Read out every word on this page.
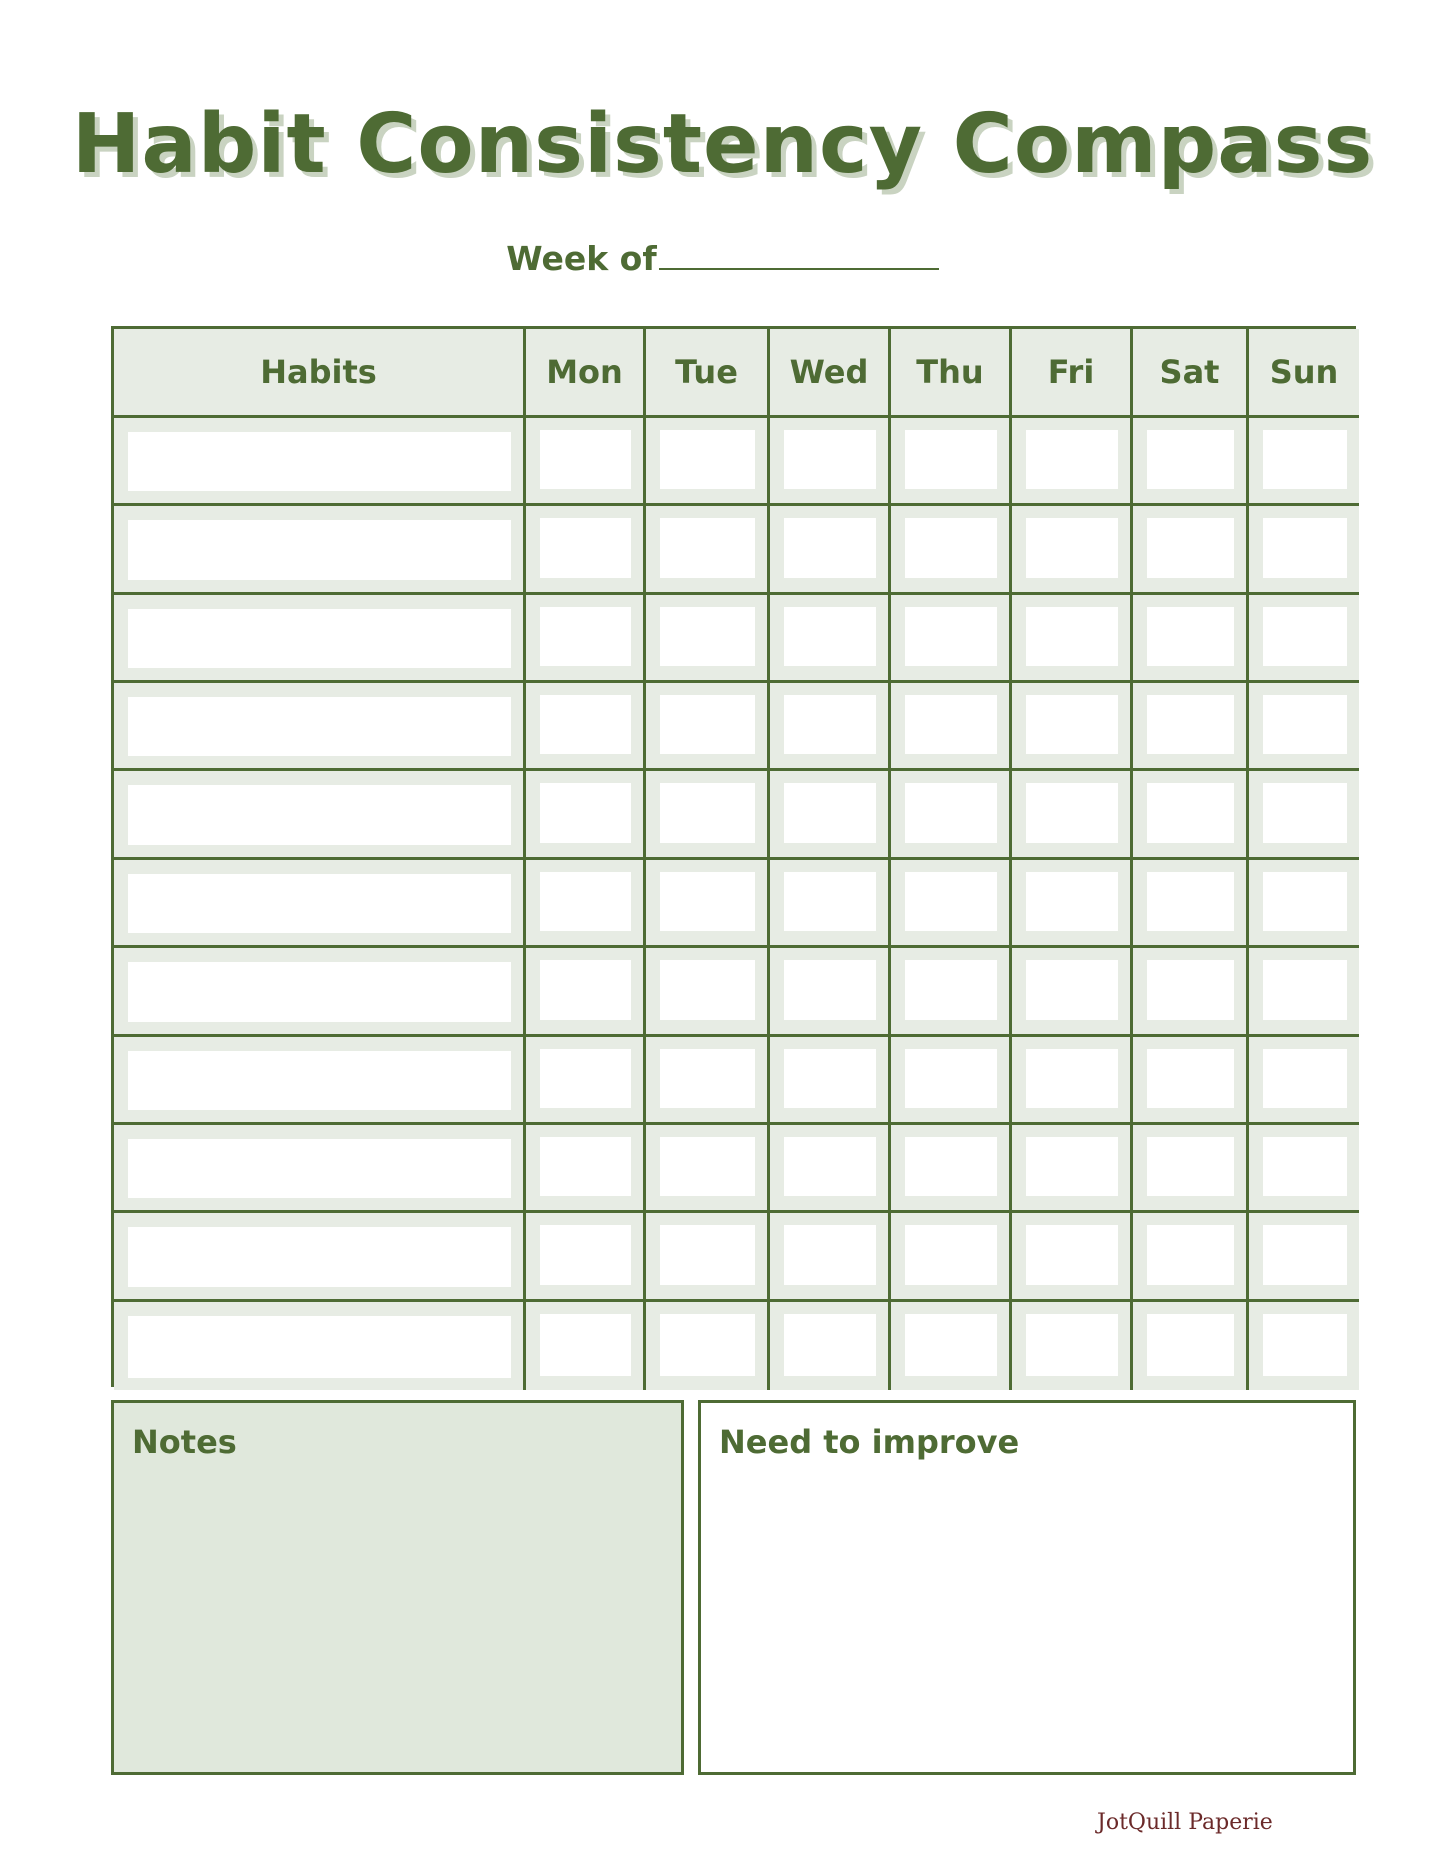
Habit Consistency Compass
Week of
Habits	Mon	Tue	Wed	Thu	Fri	Sat	Sun
Notes	Need to improve
JotQuill Paperie
